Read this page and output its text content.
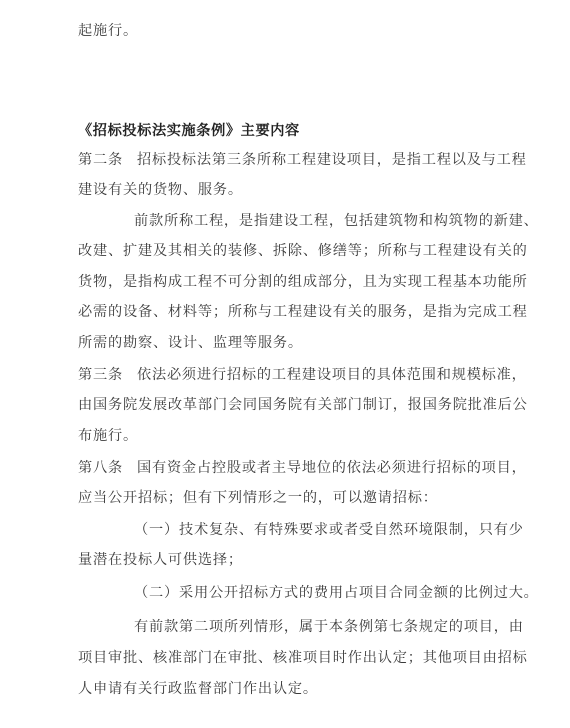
起施行。
《招标投标法实施条例》主要内容
第二条 招标投标法第三条所称工程建设项目，是指工程以及与工程
建设有关的货物、服务。
前款所称工程，是指建设工程，包括建筑物和构筑物的新建、
改建、扩建及其相关的装修、拆除、修缮等；所称与工程建设有关的
货物，是指构成工程不可分割的组成部分，且为实现工程基本功能所
必需的设备、材料等；所称与工程建设有关的服务，是指为完成工程
所需的勘察、设计、监理等服务。
第三条 依法必须进行招标的工程建设项目的具体范围和规模标准，
由国务院发展改革部门会同国务院有关部门制订，报国务院批准后公
布施行。
第八条 国有资金占控股或者主导地位的依法必须进行招标的项目，
应当公开招标；但有下列情形之一的，可以邀请招标：
（一）技术复杂、有特殊要求或者受自然环境限制，只有少
量潜在投标人可供选择；
（二）采用公开招标方式的费用占项目合同金额的比例过大。
有前款第二项所列情形，属于本条例第七条规定的项目，由
项目审批、核准部门在审批、核准项目时作出认定；其他项目由招标
人申请有关行政监督部门作出认定。
